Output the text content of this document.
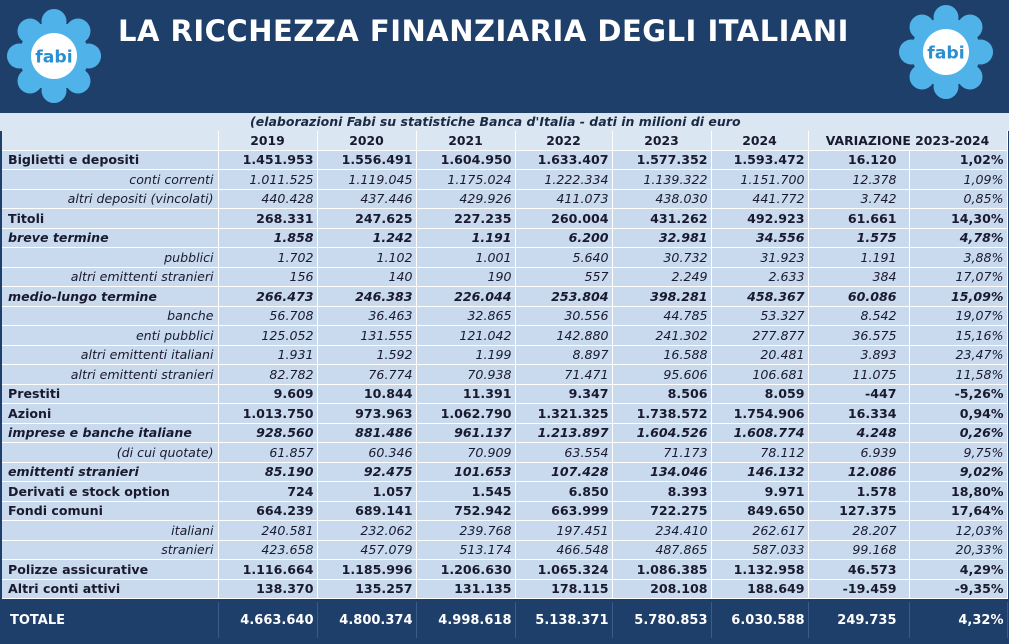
fabi
LA RICCHEZZA FINANZIARIA DEGLI ITALIANI
fabi
(elaborazioni Fabi su statistiche Banca d'Italia - dati in milioni di euro
	2019	2020	2021	2022	2023	2024	VARIAZIONE 2023-2024	
Biglietti e depositi	1.451.953	1.556.491	1.604.950	1.633.407	1.577.352	1.593.472	16.120	1,02%
conti correnti	1.011.525	1.119.045	1.175.024	1.222.334	1.139.322	1.151.700	12.378	1,09%
altri depositi (vincolati)	440.428	437.446	429.926	411.073	438.030	441.772	3.742	0,85%
Titoli	268.331	247.625	227.235	260.004	431.262	492.923	61.661	14,30%
breve termine	1.858	1.242	1.191	6.200	32.981	34.556	1.575	4,78%
pubblici	1.702	1.102	1.001	5.640	30.732	31.923	1.191	3,88%
altri emittenti stranieri	156	140	190	557	2.249	2.633	384	17,07%
medio-lungo termine	266.473	246.383	226.044	253.804	398.281	458.367	60.086	15,09%
banche	56.708	36.463	32.865	30.556	44.785	53.327	8.542	19,07%
enti pubblici	125.052	131.555	121.042	142.880	241.302	277.877	36.575	15,16%
altri emittenti italiani	1.931	1.592	1.199	8.897	16.588	20.481	3.893	23,47%
altri emittenti stranieri	82.782	76.774	70.938	71.471	95.606	106.681	11.075	11,58%
Prestiti	9.609	10.844	11.391	9.347	8.506	8.059	-447	-5,26%
Azioni	1.013.750	973.963	1.062.790	1.321.325	1.738.572	1.754.906	16.334	0,94%
imprese e banche italiane	928.560	881.486	961.137	1.213.897	1.604.526	1.608.774	4.248	0,26%
(di cui quotate)	61.857	60.346	70.909	63.554	71.173	78.112	6.939	9,75%
emittenti stranieri	85.190	92.475	101.653	107.428	134.046	146.132	12.086	9,02%
Derivati e stock option	724	1.057	1.545	6.850	8.393	9.971	1.578	18,80%
Fondi comuni	664.239	689.141	752.942	663.999	722.275	849.650	127.375	17,64%
italiani	240.581	232.062	239.768	197.451	234.410	262.617	28.207	12,03%
stranieri	423.658	457.079	513.174	466.548	487.865	587.033	99.168	20,33%
Polizze assicurative	1.116.664	1.185.996	1.206.630	1.065.324	1.086.385	1.132.958	46.573	4,29%
Altri conti attivi	138.370	135.257	131.135	178.115	208.108	188.649	-19.459	-9,35%
TOTALE	4.663.640	4.800.374	4.998.618	5.138.371	5.780.853	6.030.588	249.735	4,32%
